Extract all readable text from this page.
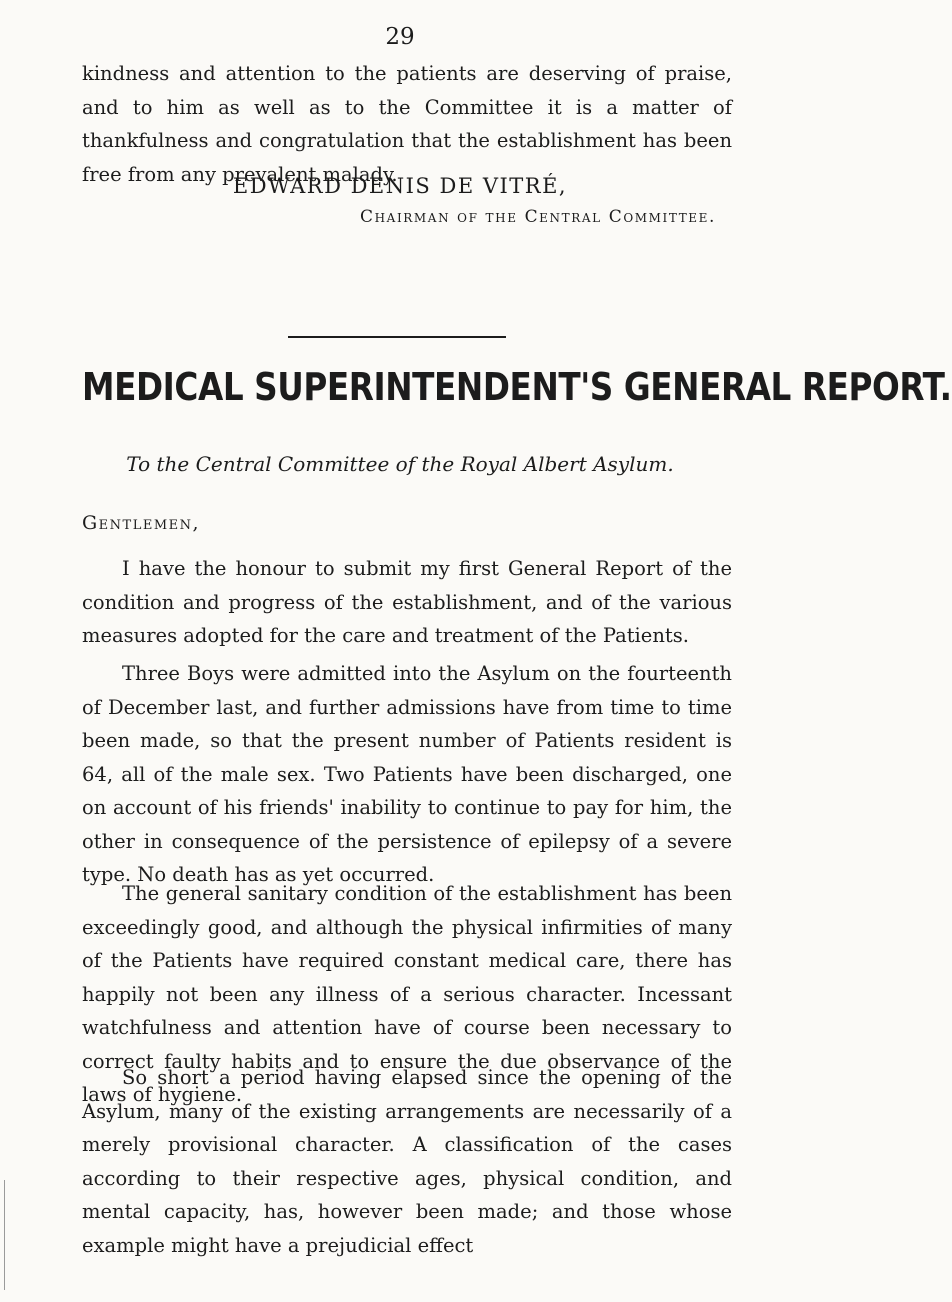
29

kindness and attention to the patients are deserving of praise, and to him as well as to the Committee it is a matter of thankfulness and congratulation that the establishment has been free from any prevalent malady.

EDWARD DENIS DE VITRÉ,
Chairman of the Central Committee.
MEDICAL SUPERINTENDENT'S GENERAL REPORT.
To the Central Committee of the Royal Albert Asylum.
Gentlemen,

I have the honour to submit my first General Report of the condition and progress of the establishment, and of the various measures adopted for the care and treatment of the Patients.

Three Boys were admitted into the Asylum on the fourteenth of December last, and further admissions have from time to time been made, so that the present number of Patients resident is 64, all of the male sex. Two Patients have been discharged, one on account of his friends' inability to continue to pay for him, the other in consequence of the persistence of epilepsy of a severe type. No death has as yet occurred.

The general sanitary condition of the establishment has been exceedingly good, and although the physical infirmities of many of the Patients have required constant medical care, there has happily not been any illness of a serious character. Incessant watchfulness and attention have of course been necessary to correct faulty habits and to ensure the due observance of the laws of hygiene.

So short a period having elapsed since the opening of the Asylum, many of the existing arrangements are necessarily of a merely provisional character. A classification of the cases according to their respective ages, physical condition, and mental capacity, has, however been made; and those whose example might have a prejudicial effect
